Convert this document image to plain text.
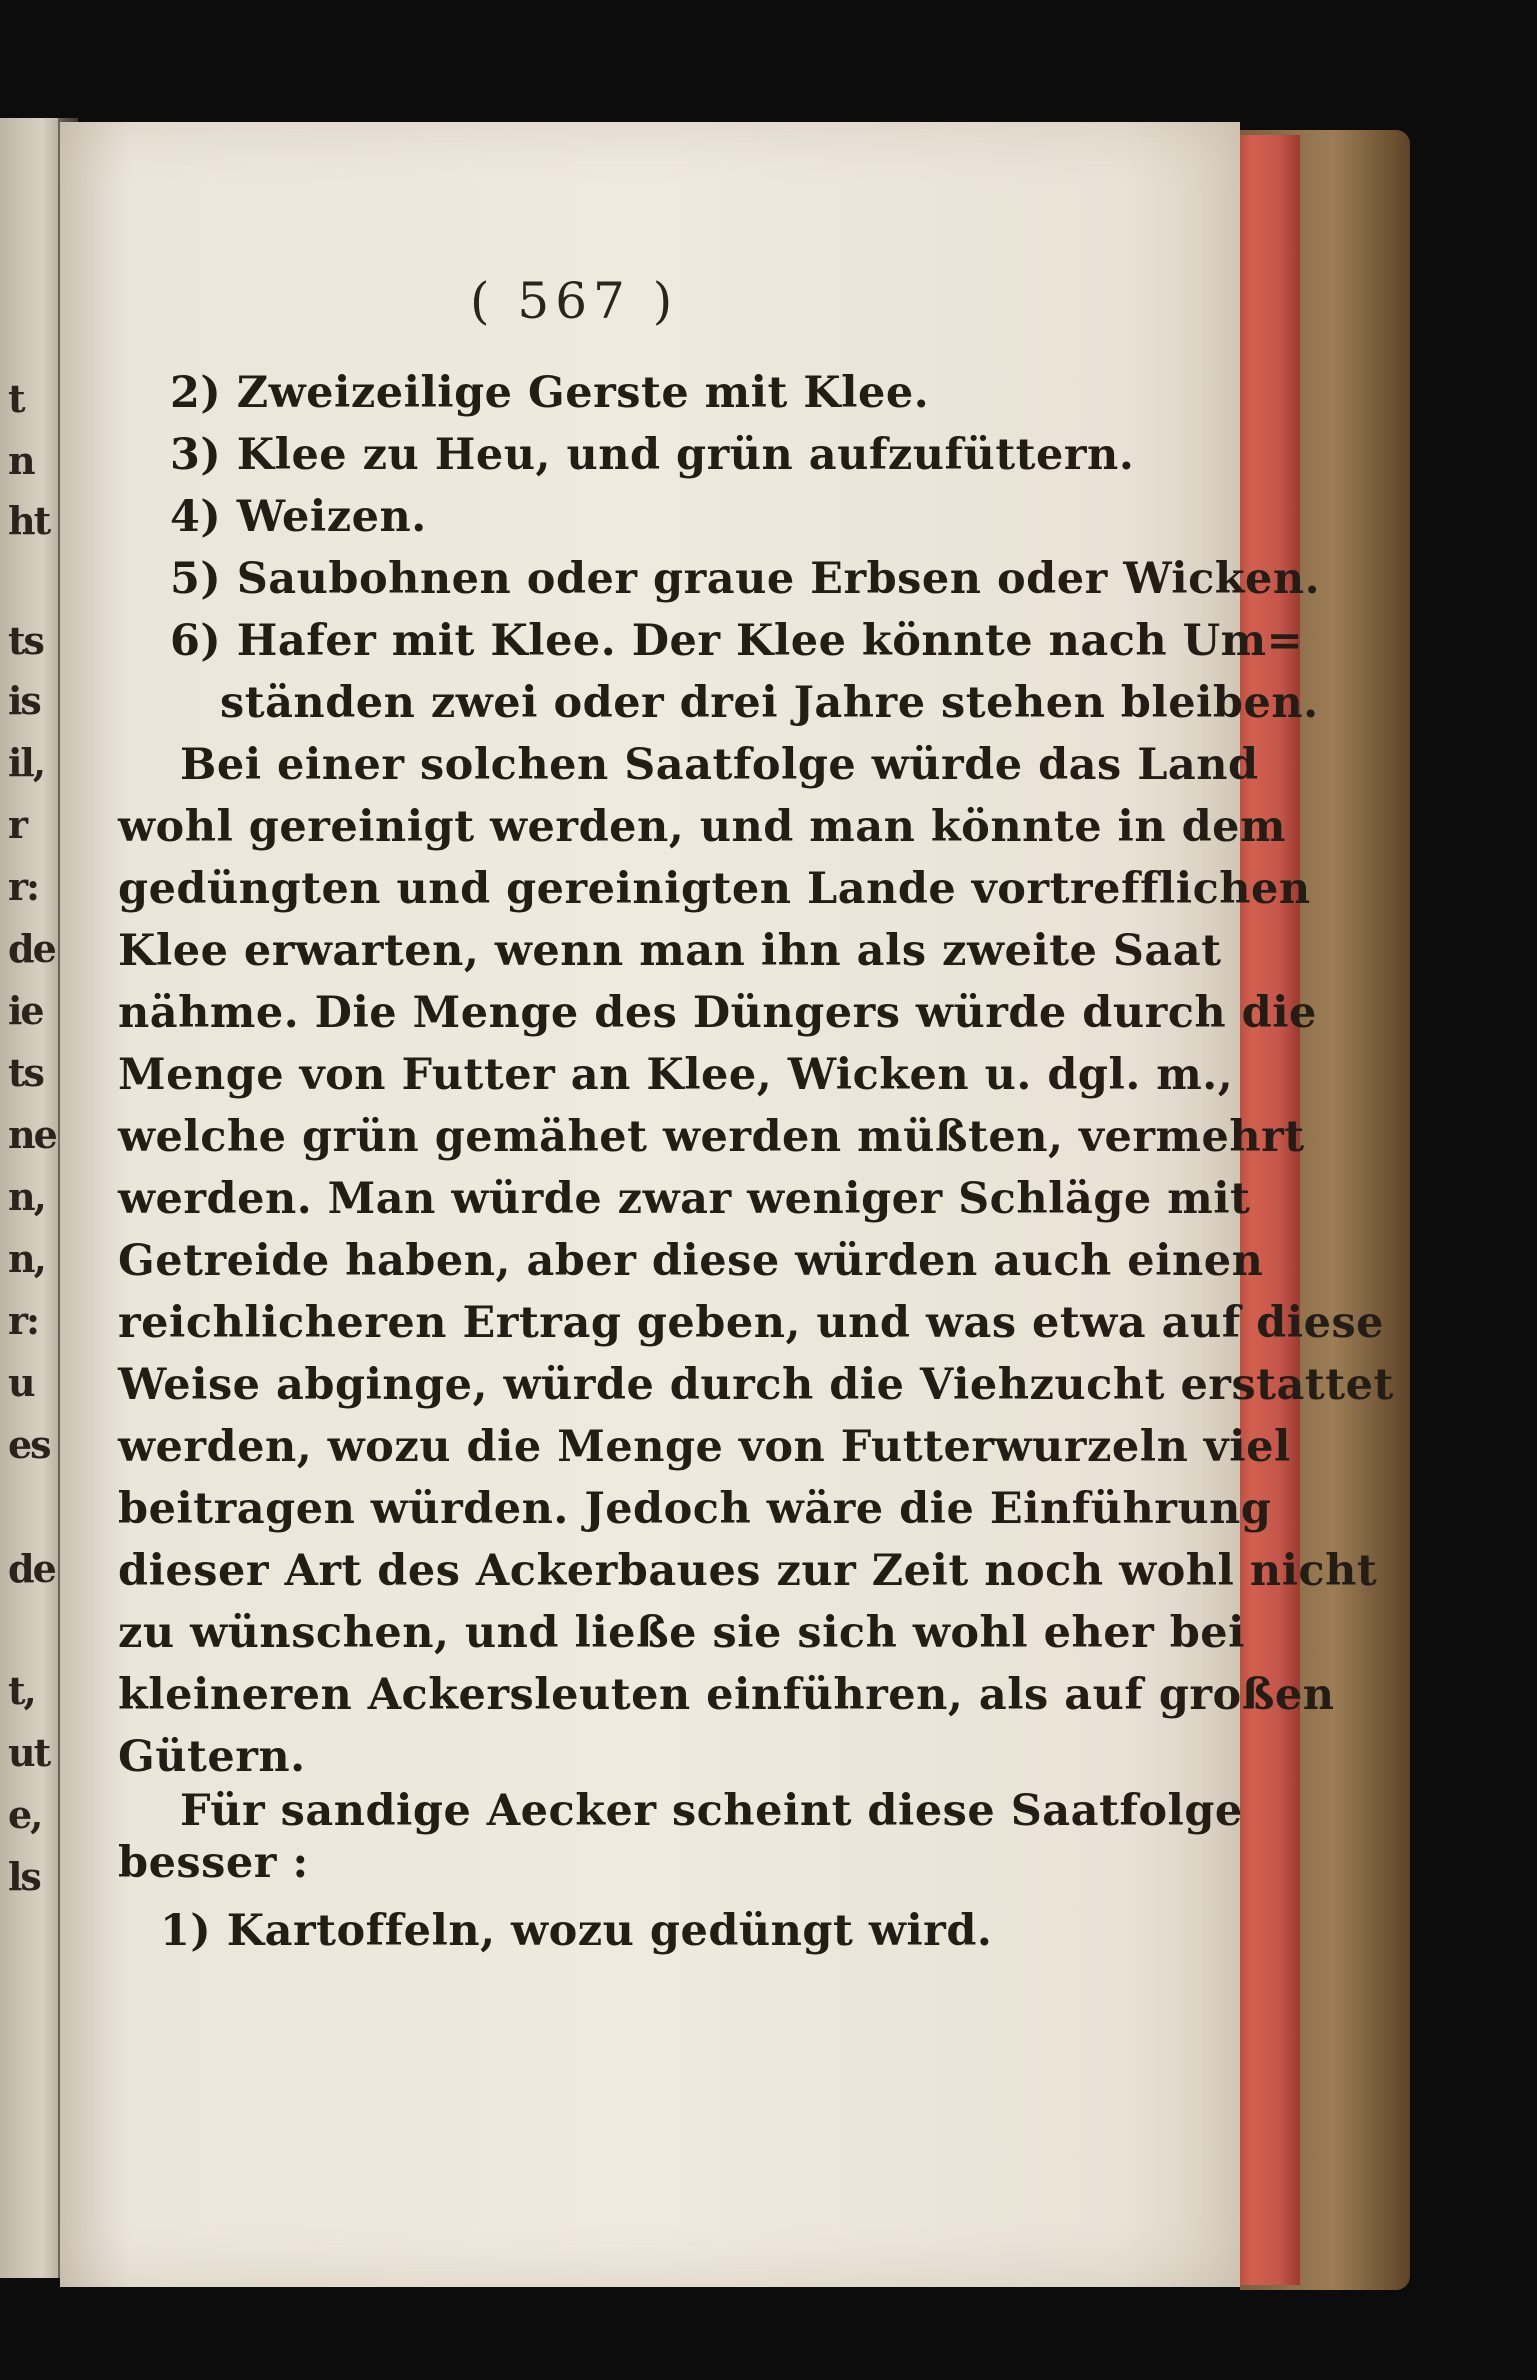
t
n
ht
ts
is
il,
r
r:
de
ie
ts
ne
n,
n,
r:
u
es
de
t,
ut
e,
ls
( 567 )
2) Zweizeilige Gerste mit Klee.
3) Klee zu Heu, und grün aufzufüttern.
4) Weizen.
5) Saubohnen oder graue Erbsen oder Wicken.
6) Hafer mit Klee. Der Klee könnte nach Um=
ständen zwei oder drei Jahre stehen bleiben.
Bei einer solchen Saatfolge würde das Land
wohl gereinigt werden, und man könnte in dem
gedüngten und gereinigten Lande vortrefflichen
Klee erwarten, wenn man ihn als zweite Saat
nähme. Die Menge des Düngers würde durch die
Menge von Futter an Klee, Wicken u. dgl. m.,
welche grün gemähet werden müßten, vermehrt
werden. Man würde zwar weniger Schläge mit
Getreide haben, aber diese würden auch einen
reichlicheren Ertrag geben, und was etwa auf diese
Weise abginge, würde durch die Viehzucht erstattet
werden, wozu die Menge von Futterwurzeln viel
beitragen würden. Jedoch wäre die Einführung
dieser Art des Ackerbaues zur Zeit noch wohl nicht
zu wünschen, und ließe sie sich wohl eher bei
kleineren Ackersleuten einführen, als auf großen
Gütern.
Für sandige Aecker scheint diese Saatfolge
besser :
1) Kartoffeln, wozu gedüngt wird.
